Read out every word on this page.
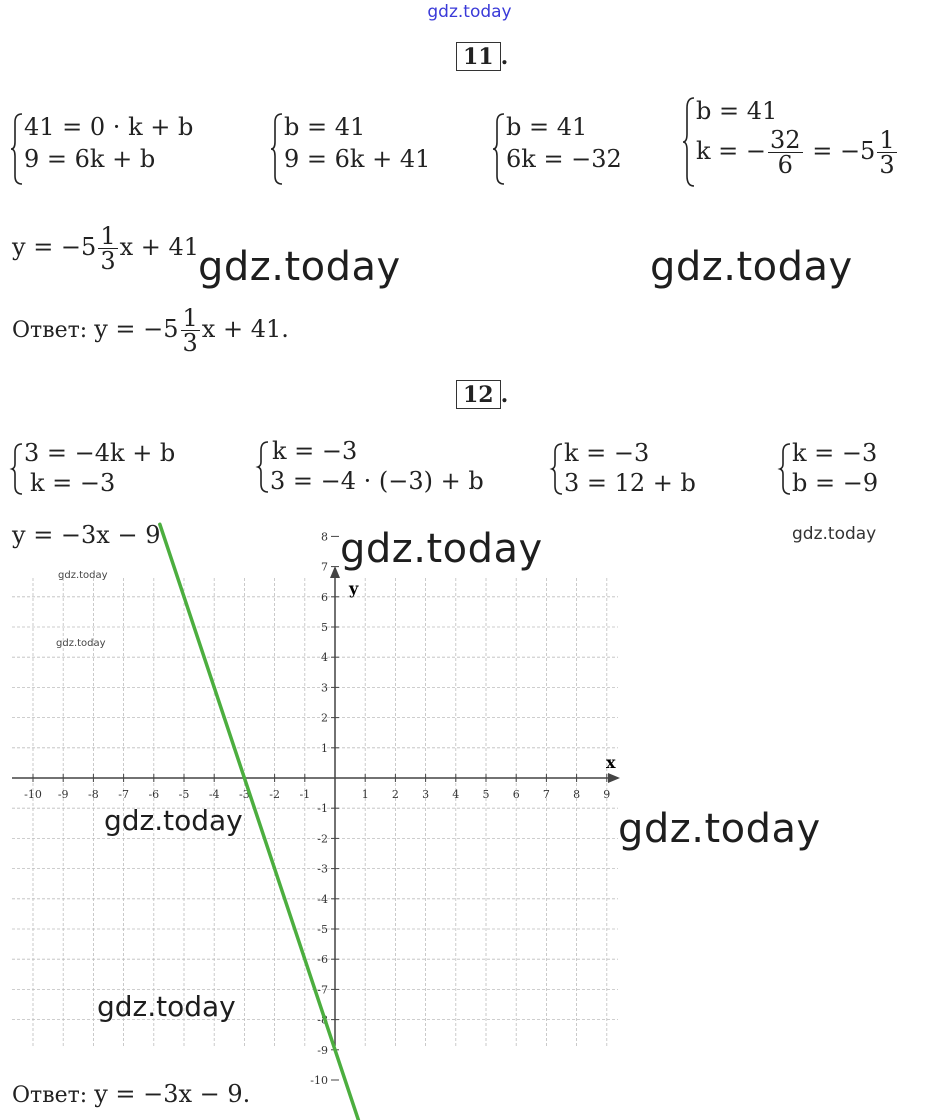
gdz.today
11 .
41 = 0 · k + b
9 = 6k + b
b = 41
9 = 6k + 41
b = 41
6k = −32
b = 41
k = − $\frac{32}{6} = -5 \frac{1}{3}$
$y = -5 \frac{1}{3}$ x + 41
gdz.today	gdz.today
Ответ: $y = -5 \frac{1}{3}$ x + 41.
12 .
3 = −4k + b
k = −3
k = −3
3 = −4 · (−3) + b
k = −3
3 = 12 + b
k = −3
b = −9
y = −3x − 9	gdz.today	gdz.today
-10 -9 -8 -7 -6 -5 -4 -3 -2 -1	1 2 3 4 5 6 7 8 9
8
7
6
5
4
3
2
1
-1
-2
-3
-4
-5
-6
-7
-8
-9
-10
x
y
gdz.today
gdz.today
gdz.today	gdz.today
gdz.today
Ответ: y = −3x − 9.
